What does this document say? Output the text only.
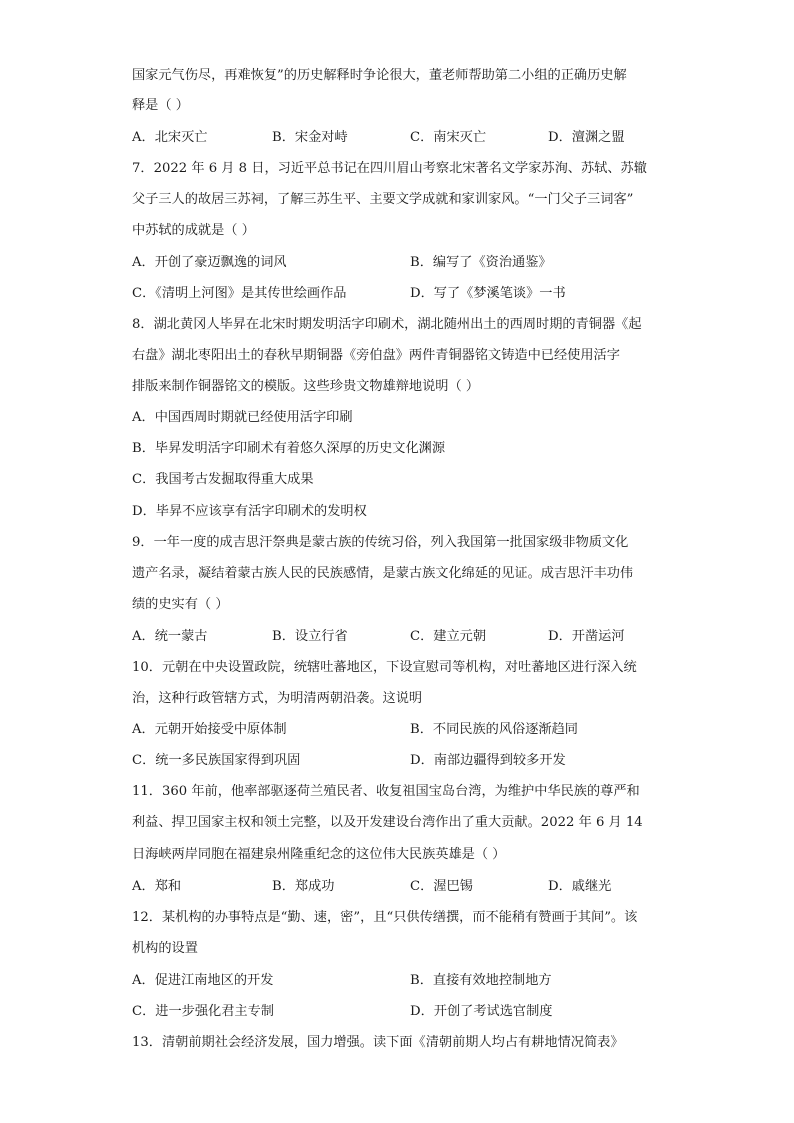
国家元气伤尽，再难恢复”的历史解释时争论很大，董老师帮助第二小组的正确历史解
释是（ ）
A．北宋灭亡	B．宋金对峙	C．南宋灭亡	D．澶渊之盟
7．2022 年 6 月 8 日，习近平总书记在四川眉山考察北宋著名文学家苏洵、苏轼、苏辙
父子三人的故居三苏祠，了解三苏生平、主要文学成就和家训家风。“一门父子三词客”
中苏轼的成就是（ ）
A．开创了豪迈飘逸的词风	B．编写了《资治通鉴》
C．《清明上河图》是其传世绘画作品	D．写了《梦溪笔谈》一书
8．湖北黄冈人毕昇在北宋时期发明活字印刷术，湖北随州出土的西周时期的青铜器《起
右盘》湖北枣阳出土的春秋早期铜器《旁伯盘》两件青铜器铭文铸造中已经使用活字
排版来制作铜器铭文的模版。这些珍贵文物雄辩地说明（ ）
A．中国西周时期就已经使用活字印刷
B．毕昇发明活字印刷术有着悠久深厚的历史文化渊源
C．我国考古发掘取得重大成果
D．毕昇不应该享有活字印刷术的发明权
9．一年一度的成吉思汗祭典是蒙古族的传统习俗，列入我国第一批国家级非物质文化
遗产名录，凝结着蒙古族人民的民族感情，是蒙古族文化绵延的见证。成吉思汗丰功伟
绩的史实有（ ）
A．统一蒙古	B．设立行省	C．建立元朝	D．开凿运河
10．元朝在中央设置政院，统辖吐蕃地区，下设宣慰司等机构，对吐蕃地区进行深入统
治，这种行政管辖方式，为明清两朝沿袭。这说明
A．元朝开始接受中原体制	B．不同民族的风俗逐渐趋同
C．统一多民族国家得到巩固	D．南部边疆得到较多开发
11．360 年前，他率部驱逐荷兰殖民者、收复祖国宝岛台湾，为维护中华民族的尊严和
利益、捍卫国家主权和领土完整，以及开发建设台湾作出了重大贡献。2022 年 6 月 14
日海峡两岸同胞在福建泉州隆重纪念的这位伟大民族英雄是（ ）
A．郑和	B．郑成功	C．渥巴锡	D．戚继光
12．某机构的办事特点是“勤、速，密”，且“只供传缮撰，而不能稍有赞画于其间”。该
机构的设置
A．促进江南地区的开发	B．直接有效地控制地方
C．进一步强化君主专制	D．开创了考试选官制度
13．清朝前期社会经济发展，国力增强。读下面《清朝前期人均占有耕地情况简表》
